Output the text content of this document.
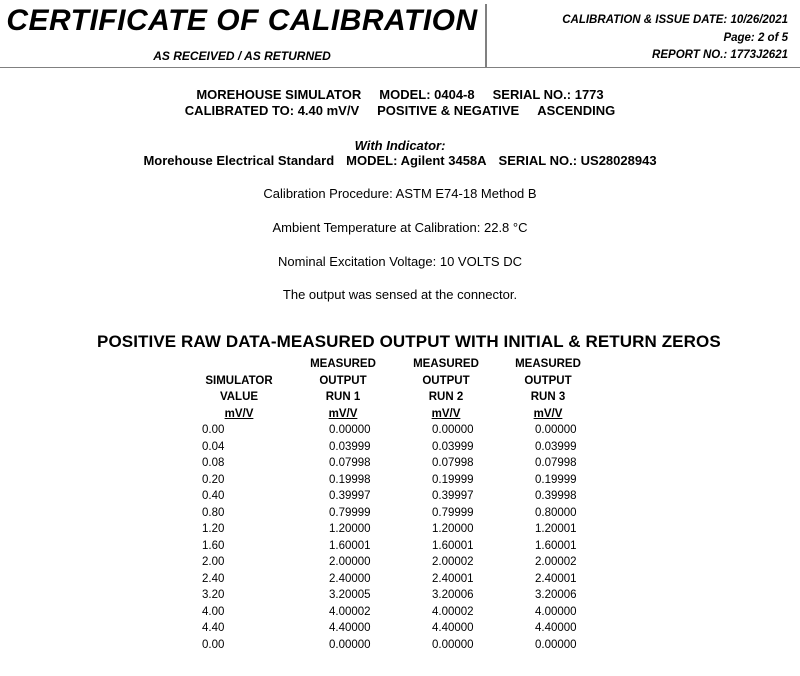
CERTIFICATE OF CALIBRATION
AS RECEIVED / AS RETURNED
CALIBRATION & ISSUE DATE: 10/26/2021
Page: 2 of 5
REPORT NO.: 1773J2621
MOREHOUSE SIMULATOR MODEL: 0404-8 SERIAL NO.: 1773
CALIBRATED TO: 4.40 mV/V POSITIVE & NEGATIVE ASCENDING
With Indicator:
Morehouse Electrical Standard MODEL: Agilent 3458A SERIAL NO.: US28028943
Calibration Procedure: ASTM E74-18 Method B
Ambient Temperature at Calibration: 22.8 °C
Nominal Excitation Voltage: 10 VOLTS DC
The output was sensed at the connector.
POSITIVE RAW DATA-MEASURED OUTPUT WITH INITIAL & RETURN ZEROS

SIMULATOR
VALUE
mV/V
MEASURED
OUTPUT
RUN 1
mV/V
MEASURED
OUTPUT
RUN 2
mV/V
MEASURED
OUTPUT
RUN 3
mV/V
0.00	0.00000	0.00000	0.00000
0.04	0.03999	0.03999	0.03999
0.08	0.07998	0.07998	0.07998
0.20	0.19998	0.19999	0.19999
0.40	0.39997	0.39997	0.39998
0.80	0.79999	0.79999	0.80000
1.20	1.20000	1.20000	1.20001
1.60	1.60001	1.60001	1.60001
2.00	2.00000	2.00002	2.00002
2.40	2.40000	2.40001	2.40001
3.20	3.20005	3.20006	3.20006
4.00	4.00002	4.00002	4.00000
4.40	4.40000	4.40000	4.40000
0.00	0.00000	0.00000	0.00000
